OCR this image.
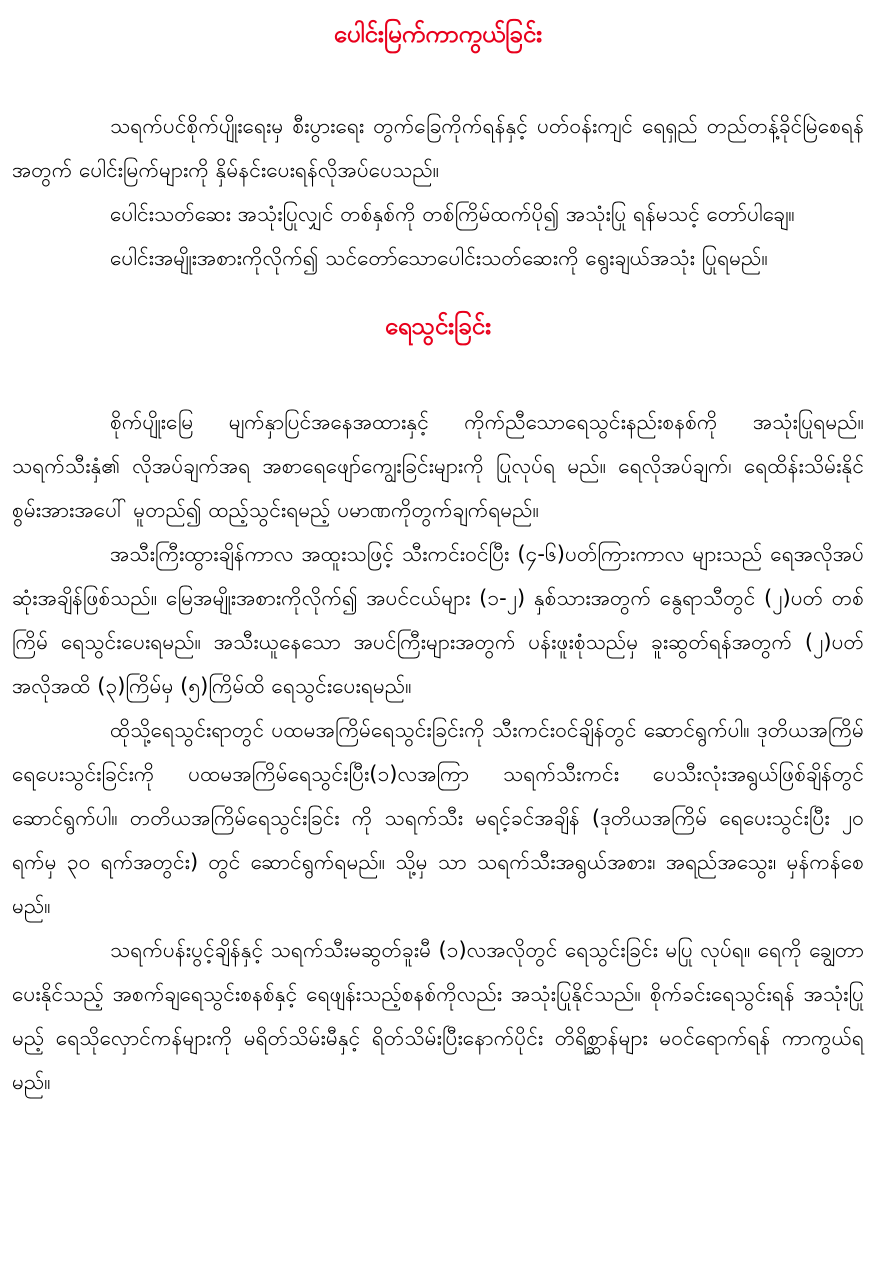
ပေါင်းမြက်ကာကွယ်ခြင်း

သရက်ပင်စိုက်ပျိုးရေးမှ စီးပွားရေး တွက်ခြေကိုက်ရန်နှင့် ပတ်ဝန်းကျင် ရေရှည် တည်တန့်ခိုင်မြဲစေရန်အတွက် ပေါင်းမြက်များကို နှိမ်နင်းပေးရန်လိုအပ်ပေသည်။

ပေါင်းသတ်ဆေး အသုံးပြုလျှင် တစ်နှစ်ကို တစ်ကြိမ်ထက်ပို၍ အသုံးပြု ရန်မသင့် တော်ပါချေ။

ပေါင်းအမျိုးအစားကိုလိုက်၍ သင်တော်သောပေါင်းသတ်ဆေးကို ရွေးချယ်အသုံး ပြုရမည်။

ရေသွင်းခြင်း

စိုက်ပျိုးမြေ မျက်နှာပြင်အနေအထားနှင့် ကိုက်ညီသောရေသွင်းနည်းစနစ်ကို အသုံးပြုရမည်။ သရက်သီးနှံ၏ လိုအပ်ချက်အရ အစာရေဖျော်ကျွေးခြင်းများကို ပြုလုပ်ရ မည်။ ရေလိုအပ်ချက်၊ ရေထိန်းသိမ်းနိုင်စွမ်းအားအပေါ် မူတည်၍ ထည့်သွင်းရမည့် ပမာဏကိုတွက်ချက်ရမည်။

အသီးကြီးထွားချိန်ကာလ အထူးသဖြင့် သီးကင်းဝင်ပြီး (၄-၆)ပတ်ကြားကာလ များသည် ရေအလိုအပ်ဆုံးအချိန်ဖြစ်သည်။ မြေအမျိုးအစားကိုလိုက်၍ အပင်ငယ်များ (၁-၂) နှစ်သားအတွက် နွေရာသီတွင် (၂)ပတ် တစ်ကြိမ် ရေသွင်းပေးရမည်။ အသီးယူနေသော အပင်ကြီးများအတွက် ပန်းဖူးစုံသည်မှ ခူးဆွတ်ရန်အတွက် (၂)ပတ် အလိုအထိ (၃)ကြိမ်မှ (၅)ကြိမ်ထိ ရေသွင်းပေးရမည်။

ထိုသို့ရေသွင်းရာတွင် ပထမအကြိမ်ရေသွင်းခြင်းကို သီးကင်းဝင်ချိန်တွင် ဆောင်ရွက်ပါ။ ဒုတိယအကြိမ်ရေပေးသွင်းခြင်းကို ပထမအကြိမ်ရေသွင်းပြီး(၁)လအကြာ သရက်သီးကင်း ပေသီးလုံးအရွယ်ဖြစ်ချိန်တွင် ဆောင်ရွက်ပါ။ တတိယအကြိမ်ရေသွင်းခြင်း ကို သရက်သီး မရင့်ခင်အချိန် (ဒုတိယအကြိမ် ရေပေးသွင်းပြီး ၂၀ ရက်မှ ၃၀ ရက်အတွင်း) တွင် ဆောင်ရွက်ရမည်။ သို့မှ သာ သရက်သီးအရွယ်အစား၊ အရည်အသွေး၊ မှန်ကန်စေ မည်။

သရက်ပန်းပွင့်ချိန်နှင့် သရက်သီးမဆွတ်ခူးမီ (၁)လအလိုတွင် ရေသွင်းခြင်း မပြု လုပ်ရ။ ရေကို ချွေတာပေးနိုင်သည့် အစက်ချရေသွင်းစနစ်နှင့် ရေဖျန်းသည့်စနစ်ကိုလည်း အသုံးပြုနိုင်သည်။ စိုက်ခင်းရေသွင်းရန် အသုံးပြုမည့် ရေသိုလှောင်ကန်များကို မရိတ်သိမ်းမီနှင့် ရိတ်သိမ်းပြီးနောက်ပိုင်း တိရိစ္ဆာန်များ မဝင်ရောက်ရန် ကာကွယ်ရမည်။
